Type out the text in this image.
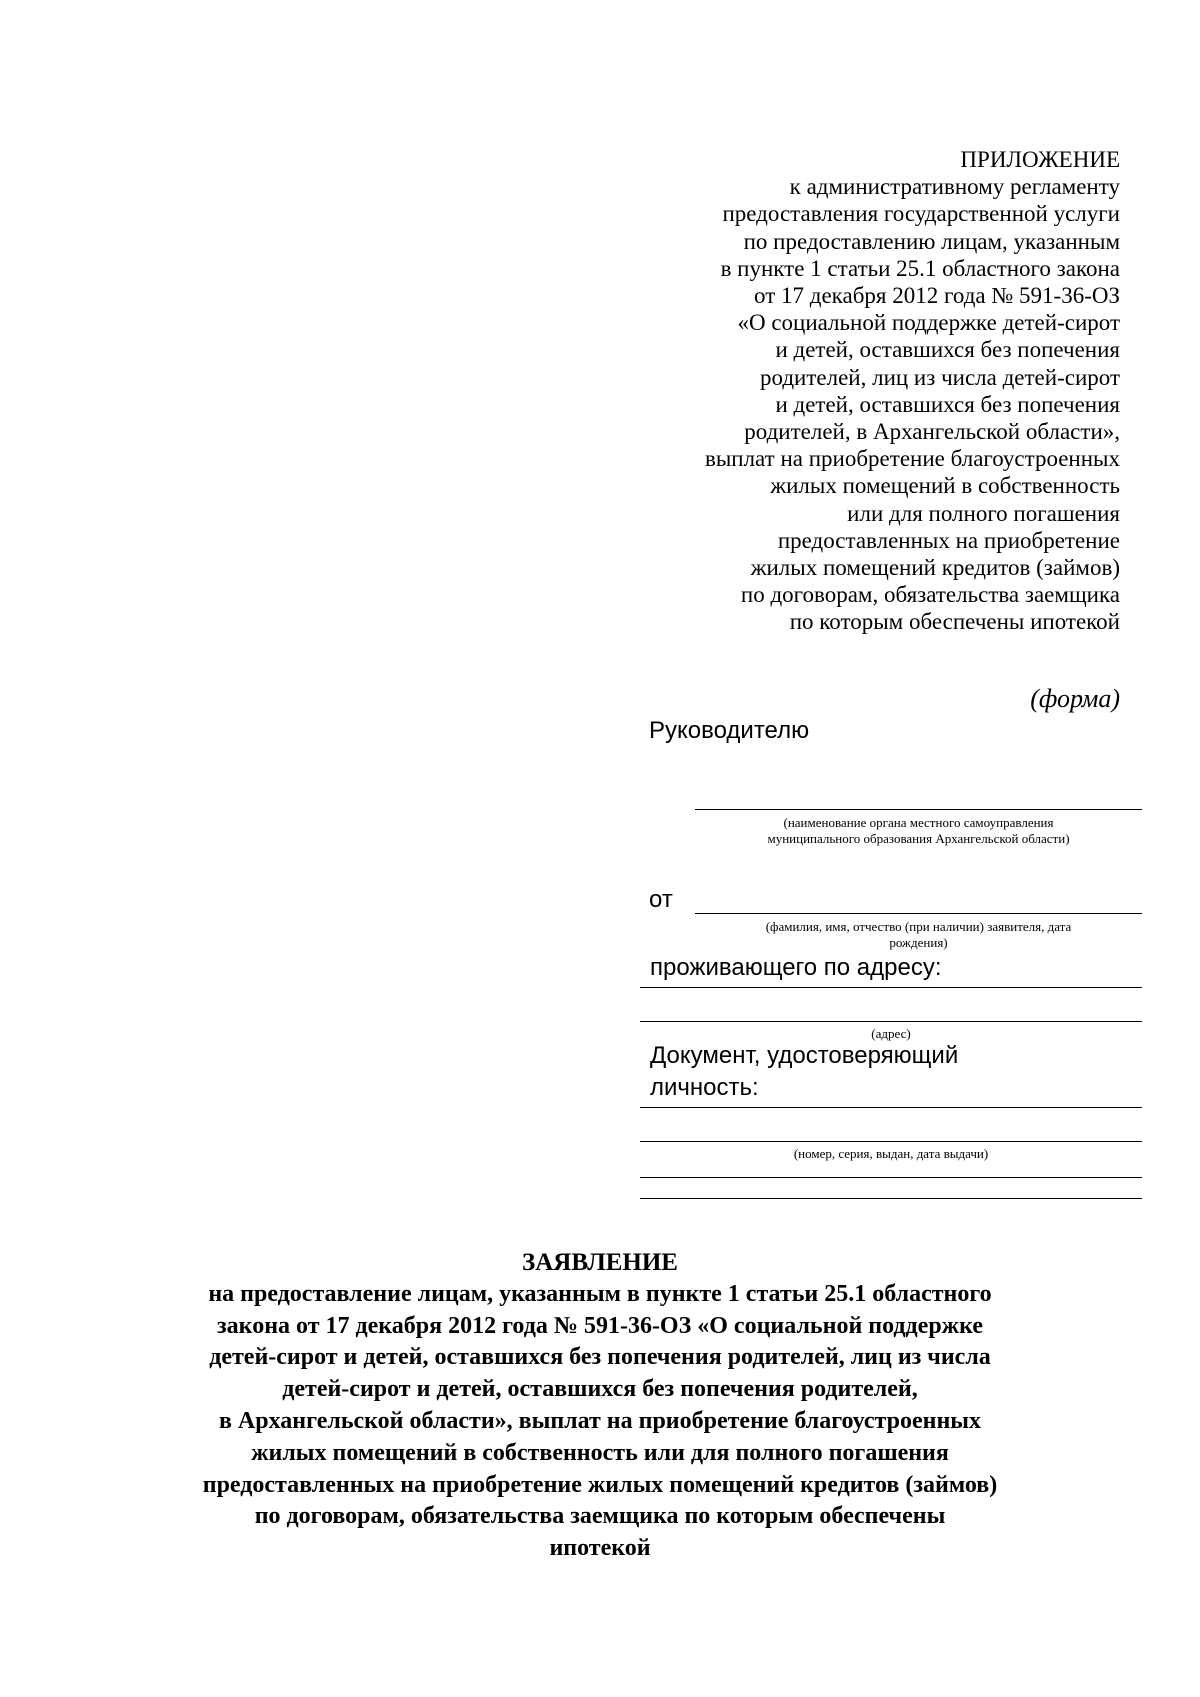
ПРИЛОЖЕНИЕ
к административному регламенту
предоставления государственной услуги
по предоставлению лицам, указанным
в пункте 1 статьи 25.1 областного закона
от 17 декабря 2012 года № 591-36-ОЗ
«О социальной поддержке детей-сирот
и детей, оставшихся без попечения
родителей, лиц из числа детей-сирот
и детей, оставшихся без попечения
родителей, в Архангельской области»,
выплат на приобретение благоустроенных
жилых помещений в собственность
или для полного погашения
предоставленных на приобретение
жилых помещений кредитов (займов)
по договорам, обязательства заемщика
по которым обеспечены ипотекой
(форма)
Руководителю
(наименование органа местного самоуправления
муниципального образования Архангельской области)
от
(фамилия, имя, отчество (при наличии) заявителя, дата
рождения)
проживающего по адресу:
(адрес)
Документ, удостоверяющий
личность:
(номер, серия, выдан, дата выдачи)
ЗАЯВЛЕНИЕ
на предоставление лицам, указанным в пункте 1 статьи 25.1 областного
закона от 17 декабря 2012 года № 591-36-ОЗ «О социальной поддержке
детей-сирот и детей, оставшихся без попечения родителей, лиц из числа
детей-сирот и детей, оставшихся без попечения родителей,
в Архангельской области», выплат на приобретение благоустроенных
жилых помещений в собственность или для полного погашения
предоставленных на приобретение жилых помещений кредитов (займов)
по договорам, обязательства заемщика по которым обеспечены
ипотекой
